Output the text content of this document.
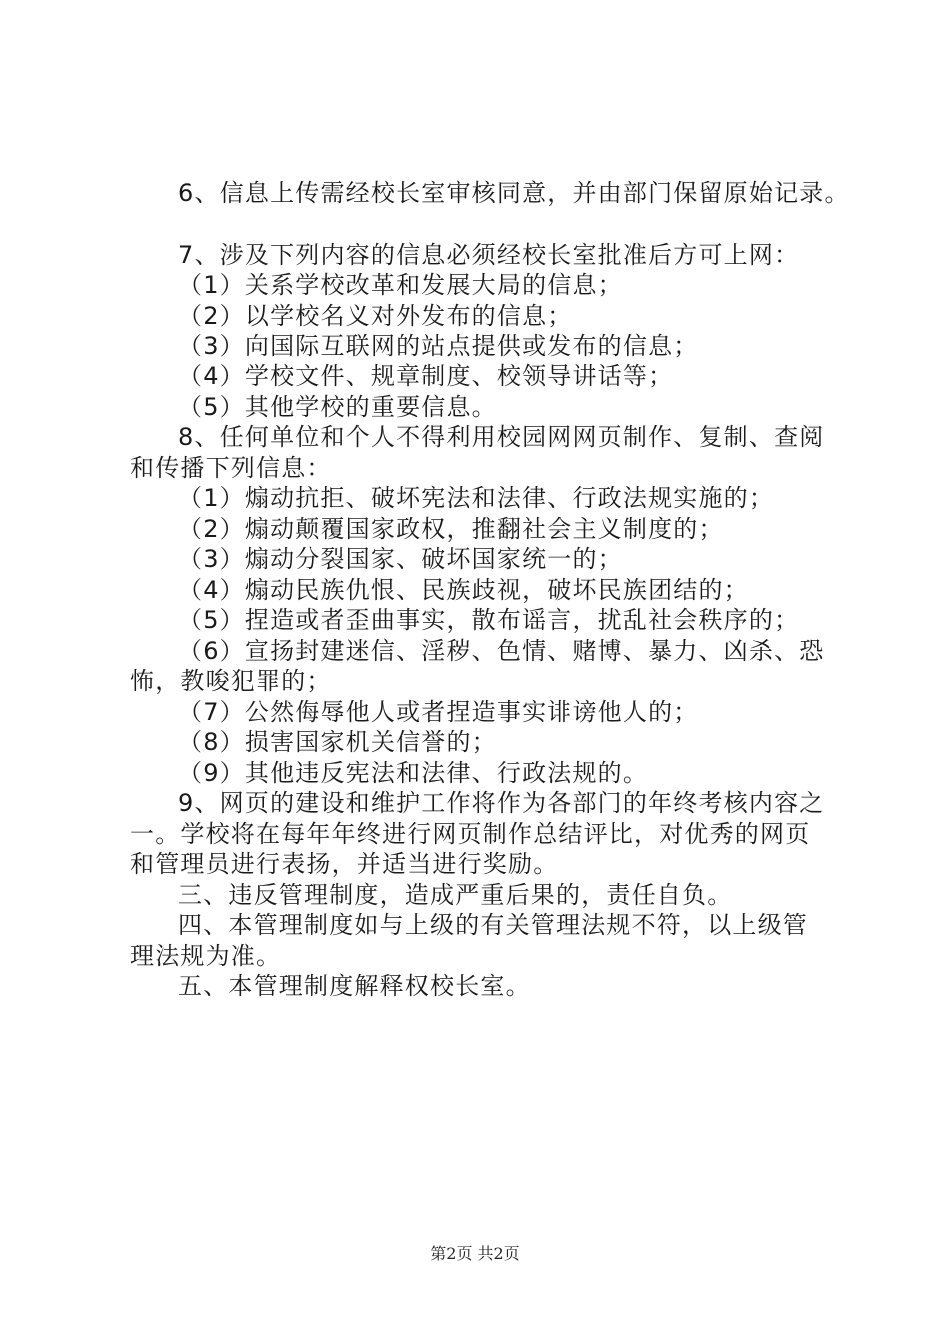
6、信息上传需经校长室审核同意，并由部门保留原始记录。
7、涉及下列内容的信息必须经校长室批准后方可上网：
（1）关系学校改革和发展大局的信息；
（2）以学校名义对外发布的信息；
（3）向国际互联网的站点提供或发布的信息；
（4）学校文件、规章制度、校领导讲话等；
（5）其他学校的重要信息。
8、任何单位和个人不得利用校园网网页制作、复制、查阅
和传播下列信息：
（1）煽动抗拒、破坏宪法和法律、行政法规实施的；
（2）煽动颠覆国家政权，推翻社会主义制度的；
（3）煽动分裂国家、破坏国家统一的；
（4）煽动民族仇恨、民族歧视，破坏民族团结的；
（5）捏造或者歪曲事实，散布谣言，扰乱社会秩序的；
（6）宣扬封建迷信、淫秽、色情、赌博、暴力、凶杀、恐
怖，教唆犯罪的；
（7）公然侮辱他人或者捏造事实诽谤他人的；
（8）损害国家机关信誉的；
（9）其他违反宪法和法律、行政法规的。
9、网页的建设和维护工作将作为各部门的年终考核内容之
一。学校将在每年年终进行网页制作总结评比，对优秀的网页
和管理员进行表扬，并适当进行奖励。
三、违反管理制度，造成严重后果的，责任自负。
四、本管理制度如与上级的有关管理法规不符，以上级管
理法规为准。
五、本管理制度解释权校长室。
第2页 共2页
